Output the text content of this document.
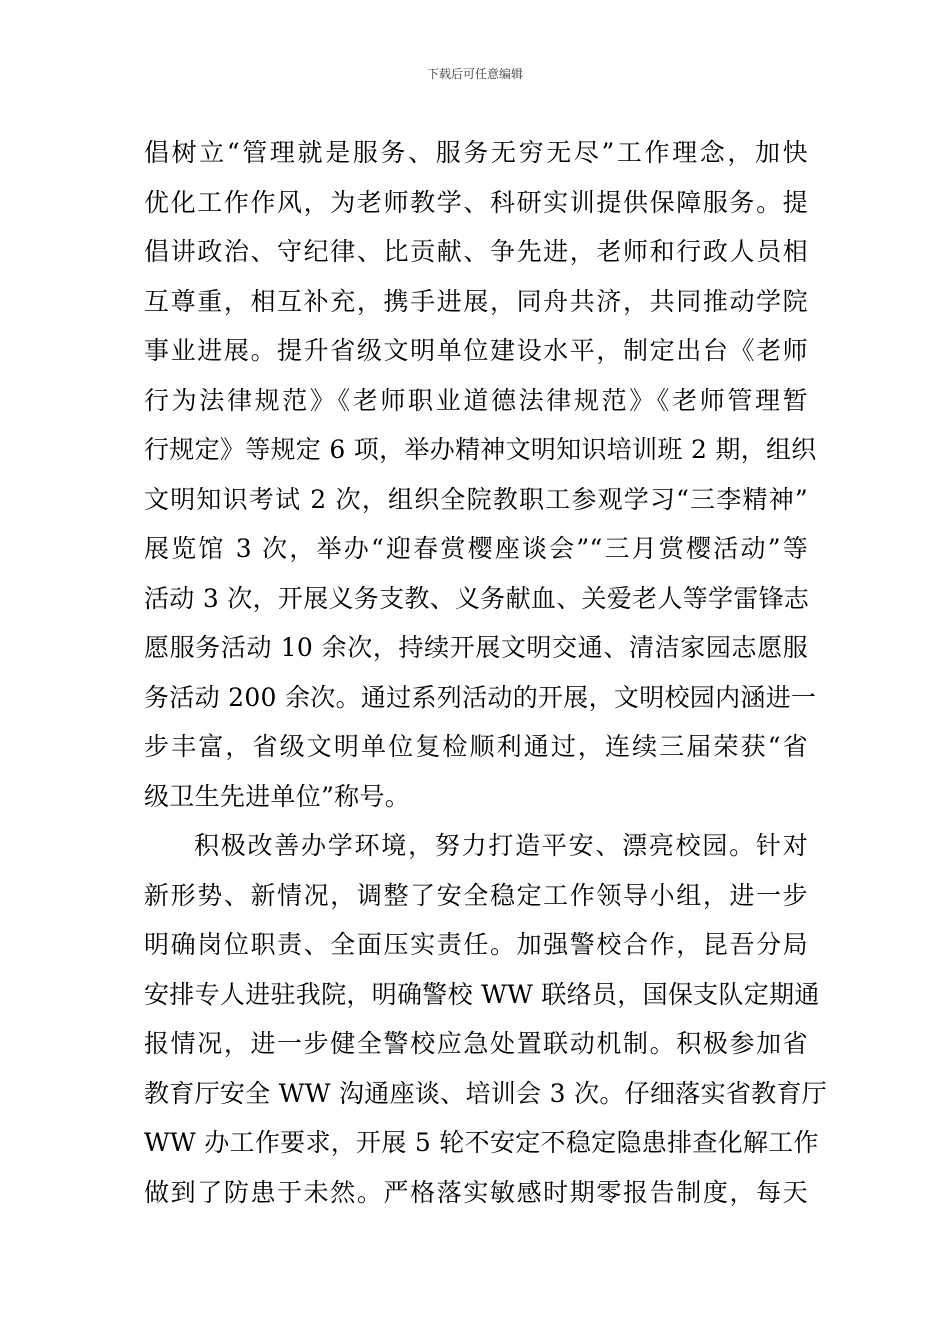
下载后可任意编辑
倡树立“管理就是服务、服务无穷无尽”工作理念，加快
优化工作作风，为老师教学、科研实训提供保障服务。提
倡讲政治、守纪律、比贡献、争先进，老师和行政人员相
互尊重，相互补充，携手进展，同舟共济，共同推动学院
事业进展。提升省级文明单位建设水平，制定出台《老师
行为法律规范》《老师职业道德法律规范》《老师管理暂
行规定》等规定 6 项，举办精神文明知识培训班 2 期，组织
文明知识考试 2 次，组织全院教职工参观学习“三李精神”
展览馆 3 次，举办“迎春赏樱座谈会”“三月赏樱活动”等
活动 3 次，开展义务支教、义务献血、关爱老人等学雷锋志
愿服务活动 10 余次，持续开展文明交通、清洁家园志愿服
务活动 200 余次。通过系列活动的开展，文明校园内涵进一
步丰富，省级文明单位复检顺利通过，连续三届荣获“省
级卫生先进单位”称号。
积极改善办学环境，努力打造平安、漂亮校园。针对
新形势、新情况，调整了安全稳定工作领导小组，进一步
明确岗位职责、全面压实责任。加强警校合作，昆吾分局
安排专人进驻我院，明确警校 WW 联络员，国保支队定期通
报情况，进一步健全警校应急处置联动机制。积极参加省
教育厅安全 WW 沟通座谈、培训会 3 次。仔细落实省教育厅
WW 办工作要求，开展 5 轮不安定不稳定隐患排查化解工作
做到了防患于未然。严格落实敏感时期零报告制度，每天
